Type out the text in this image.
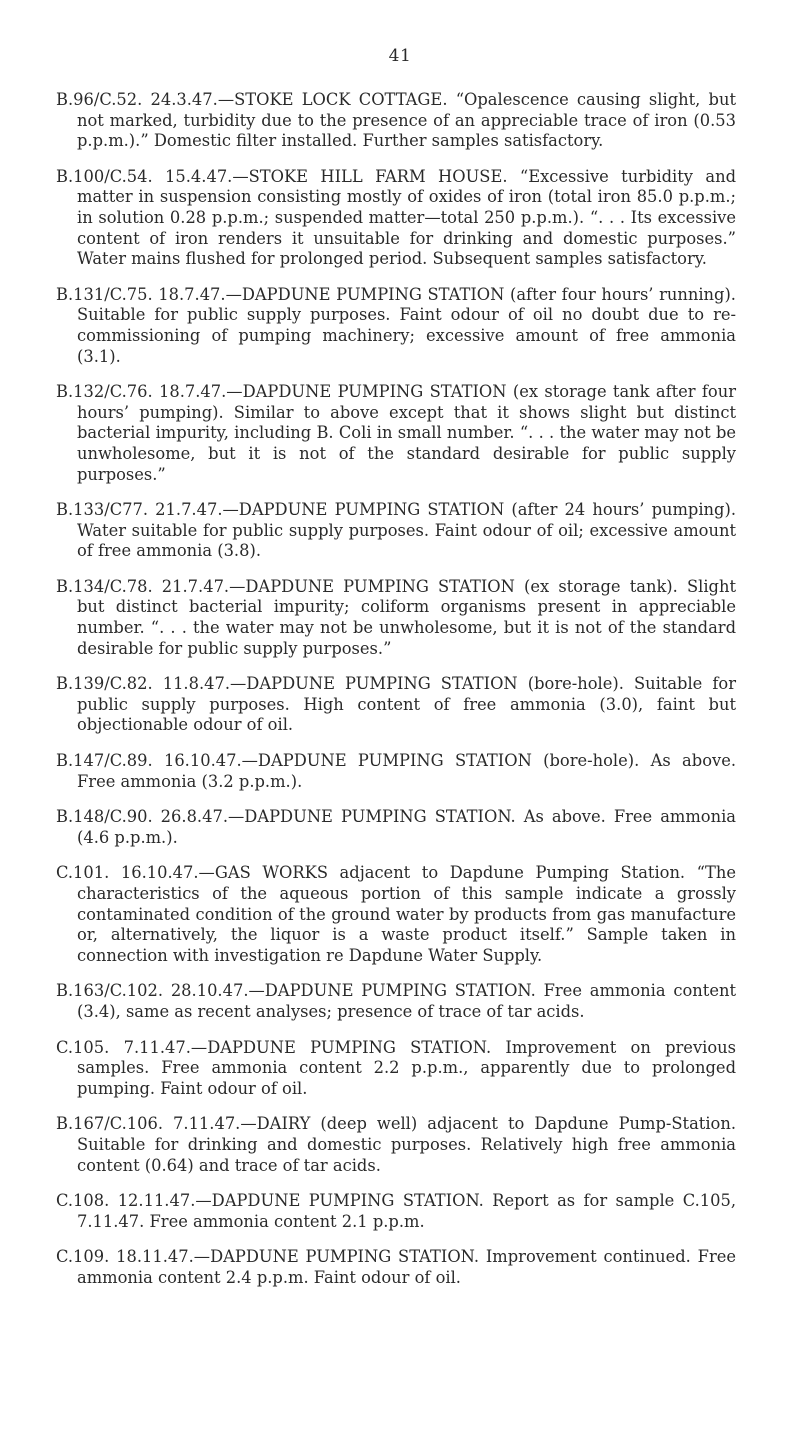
41

B.96/C.52. 24.3.47.—STOKE LOCK COTTAGE. “Opalescence causing slight, but not marked, turbidity due to the presence of an appreciable trace of iron (0.53 p.p.m.).” Domestic filter installed. Further samples satisfactory.

B.100/C.54. 15.4.47.—STOKE HILL FARM HOUSE. “Excessive turbidity and matter in suspension consisting mostly of oxides of iron (total iron 85.0 p.p.m.; in solution 0.28 p.p.m.; suspended matter—total 250 p.p.m.). “. . . Its excessive content of iron renders it unsuitable for drinking and domestic purposes.” Water mains flushed for prolonged period. Subsequent samples satisfactory.

B.131/C.75. 18.7.47.—DAPDUNE PUMPING STATION (after four hours’ running). Suitable for public supply purposes. Faint odour of oil no doubt due to re-commissioning of pumping machinery; excessive amount of free ammonia (3.1).

B.132/C.76. 18.7.47.—DAPDUNE PUMPING STATION (ex storage tank after four hours’ pumping). Similar to above except that it shows slight but distinct bacterial impurity, including B. Coli in small number. “. . . the water may not be unwholesome, but it is not of the standard desirable for public supply purposes.”

B.133/C77. 21.7.47.—DAPDUNE PUMPING STATION (after 24 hours’ pumping). Water suitable for public supply purposes. Faint odour of oil; excessive amount of free ammonia (3.8).

B.134/C.78. 21.7.47.—DAPDUNE PUMPING STATION (ex storage tank). Slight but distinct bacterial impurity; coliform organisms present in appreciable number. “. . . the water may not be unwholesome, but it is not of the standard desirable for public supply purposes.”

B.139/C.82. 11.8.47.—DAPDUNE PUMPING STATION (bore-hole). Suitable for public supply purposes. High content of free ammonia (3.0), faint but objectionable odour of oil.

B.147/C.89. 16.10.47.—DAPDUNE PUMPING STATION (bore-hole). As above. Free ammonia (3.2 p.p.m.).

B.148/C.90. 26.8.47.—DAPDUNE PUMPING STATION. As above. Free ammonia (4.6 p.p.m.).

C.101. 16.10.47.—GAS WORKS adjacent to Dapdune Pumping Station. “The characteristics of the aqueous portion of this sample indicate a grossly contaminated condition of the ground water by products from gas manufacture or, alternatively, the liquor is a waste product itself.” Sample taken in connection with investigation re Dapdune Water Supply.

B.163/C.102. 28.10.47.—DAPDUNE PUMPING STATION. Free ammonia content (3.4), same as recent analyses; presence of trace of tar acids.

C.105. 7.11.47.—DAPDUNE PUMPING STATION. Improvement on previous samples. Free ammonia content 2.2 p.p.m., apparently due to prolonged pumping. Faint odour of oil.

B.167/C.106. 7.11.47.—DAIRY (deep well) adjacent to Dapdune Pump-Station. Suitable for drinking and domestic purposes. Relatively high free ammonia content (0.64) and trace of tar acids.

C.108. 12.11.47.—DAPDUNE PUMPING STATION. Report as for sample C.105, 7.11.47. Free ammonia content 2.1 p.p.m.

C.109. 18.11.47.—DAPDUNE PUMPING STATION. Improvement continued. Free ammonia content 2.4 p.p.m. Faint odour of oil.
